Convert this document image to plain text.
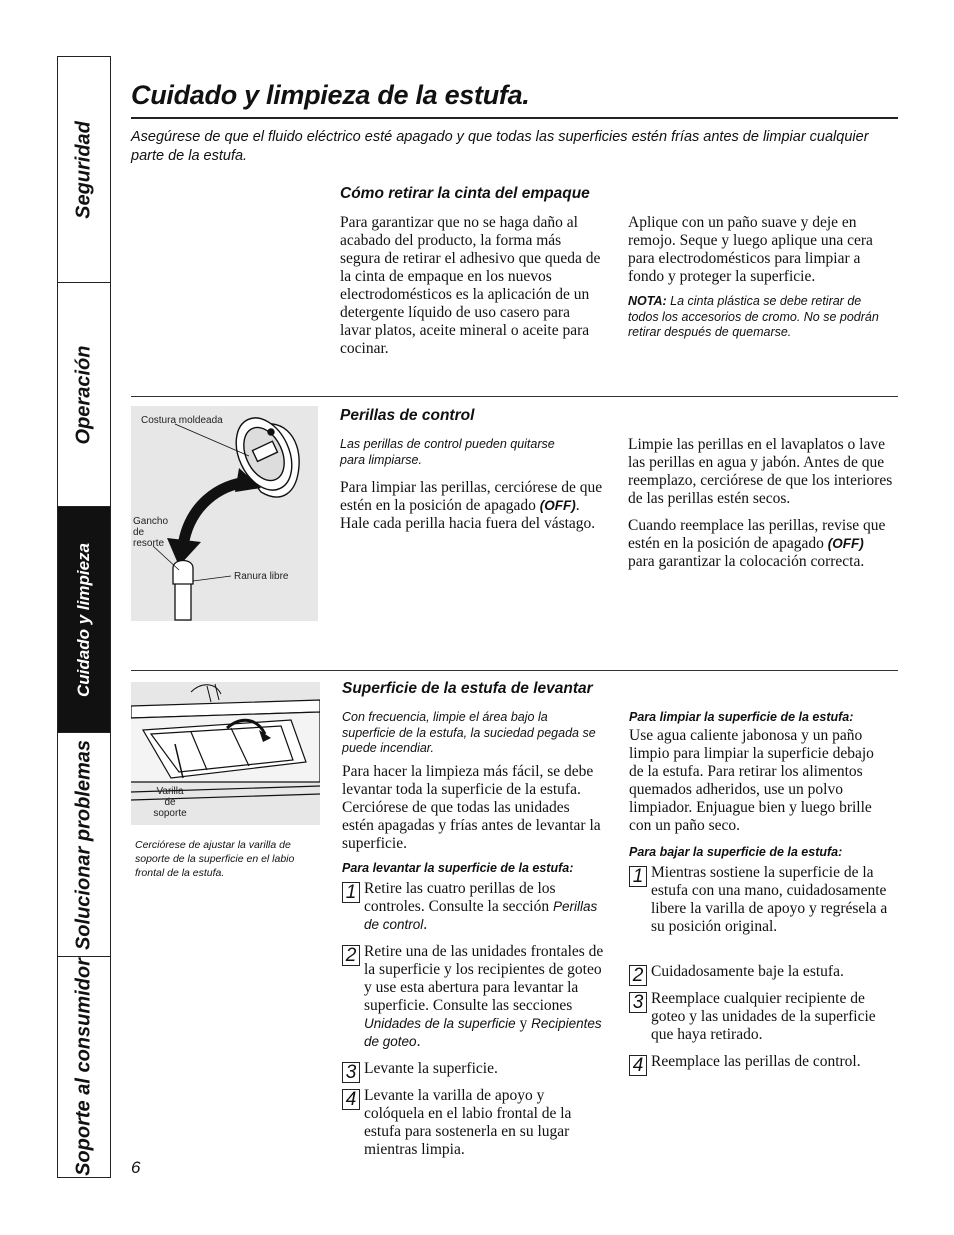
Seguridad
Operación
Cuidado y limpieza
Solucionar problemas
Soporte al consumidor
Cuidado y limpieza de la estufa.
Asegúrese de que el fluido eléctrico esté apagado y que todas las superficies estén frías antes de limpiar cualquier parte de la estufa.
Cómo retirar la cinta del empaque
Para garantizar que no se haga daño al acabado del producto, la forma más segura de retirar el adhesivo que queda de la cinta de empaque en los nuevos electrodomésticos es la aplicación de un detergente líquido de uso casero para lavar platos, aceite mineral o aceite para cocinar.
Aplique con un paño suave y deje en remojo. Seque y luego aplique una cera para electrodomésticos para limpiar a fondo y proteger la superficie.
NOTA: La cinta plástica se debe retirar de todos los accesorios de cromo. No se podrán retirar después de quemarse.
Costura moldeada
Gancho
de
resorte
Ranura libre
Perillas de control
Las perillas de control pueden quitarse para limpiarse.
Para limpiar las perillas, cerciórese de que estén en la posición de apagado (OFF). Hale cada perilla hacia fuera del vástago.

Limpie las perillas en el lavaplatos o lave las perillas en agua y jabón. Antes de que reemplazo, cerciórese de que los interiores de las perillas estén secos.

Cuando reemplace las perillas, revise que estén en la posición de apagado (OFF) para garantizar la colocación correcta.

Varilla de
soporte
Cerciórese de ajustar la varilla de soporte de la superficie en el labio frontal de la estufa.
Superficie de la estufa de levantar
Con frecuencia, limpie el área bajo la superficie de la estufa, la suciedad pegada se puede incendiar.
Para hacer la limpieza más fácil, se debe levantar toda la superficie de la estufa. Cerciórese de que todas las unidades estén apagadas y frías antes de levantar la superficie.
Para levantar la superficie de la estufa:
1 Retire las cuatro perillas de los controles. Consulte la sección Perillas de control.
2 Retire una de las unidades frontales de la superficie y los recipientes de goteo y use esta abertura para levantar la superficie. Consulte las secciones Unidades de la superficie y Recipientes de goteo.
3 Levante la superficie.
4 Levante la varilla de apoyo y colóquela en el labio frontal de la estufa para sostenerla en su lugar mientras limpia.
Para limpiar la superficie de la estufa:
Use agua caliente jabonosa y un paño limpio para limpiar la superficie debajo de la estufa. Para retirar los alimentos quemados adheridos, use un polvo limpiador. Enjuague bien y luego brille con un paño seco.
Para bajar la superficie de la estufa:
1 Mientras sostiene la superficie de la estufa con una mano, cuidadosamente libere la varilla de apoyo y regrésela a su posición original.
2 Cuidadosamente baje la estufa.
3 Reemplace cualquier recipiente de goteo y las unidades de la superficie que haya retirado.
4 Reemplace las perillas de control.
6
